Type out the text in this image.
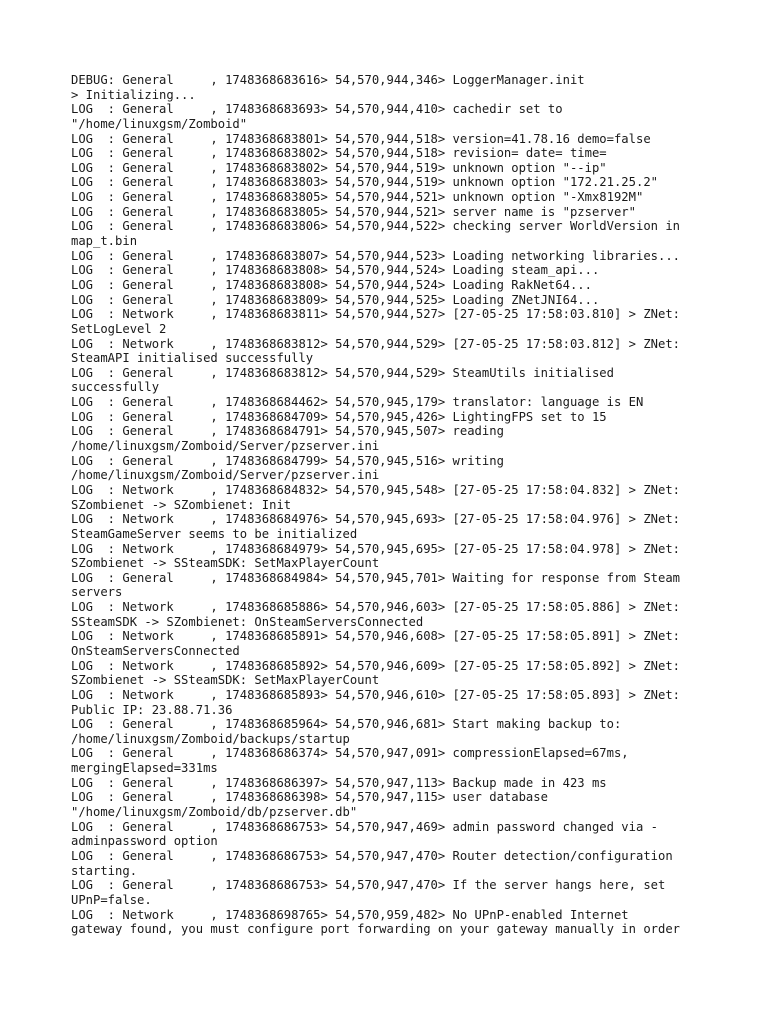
DEBUG: General     , 1748368683616> 54,570,944,346> LoggerManager.init
> Initializing...
LOG  : General     , 1748368683693> 54,570,944,410> cachedir set to
"/home/linuxgsm/Zomboid"
LOG  : General     , 1748368683801> 54,570,944,518> version=41.78.16 demo=false
LOG  : General     , 1748368683802> 54,570,944,518> revision= date= time=
LOG  : General     , 1748368683802> 54,570,944,519> unknown option "--ip"
LOG  : General     , 1748368683803> 54,570,944,519> unknown option "172.21.25.2"
LOG  : General     , 1748368683805> 54,570,944,521> unknown option "-Xmx8192M"
LOG  : General     , 1748368683805> 54,570,944,521> server name is "pzserver"
LOG  : General     , 1748368683806> 54,570,944,522> checking server WorldVersion in
map_t.bin
LOG  : General     , 1748368683807> 54,570,944,523> Loading networking libraries...
LOG  : General     , 1748368683808> 54,570,944,524> Loading steam_api...
LOG  : General     , 1748368683808> 54,570,944,524> Loading RakNet64...
LOG  : General     , 1748368683809> 54,570,944,525> Loading ZNetJNI64...
LOG  : Network     , 1748368683811> 54,570,944,527> [27-05-25 17:58:03.810] > ZNet:
SetLogLevel 2
LOG  : Network     , 1748368683812> 54,570,944,529> [27-05-25 17:58:03.812] > ZNet:
SteamAPI initialised successfully
LOG  : General     , 1748368683812> 54,570,944,529> SteamUtils initialised
successfully
LOG  : General     , 1748368684462> 54,570,945,179> translator: language is EN
LOG  : General     , 1748368684709> 54,570,945,426> LightingFPS set to 15
LOG  : General     , 1748368684791> 54,570,945,507> reading
/home/linuxgsm/Zomboid/Server/pzserver.ini
LOG  : General     , 1748368684799> 54,570,945,516> writing
/home/linuxgsm/Zomboid/Server/pzserver.ini
LOG  : Network     , 1748368684832> 54,570,945,548> [27-05-25 17:58:04.832] > ZNet:
SZombienet -> SZombienet: Init
LOG  : Network     , 1748368684976> 54,570,945,693> [27-05-25 17:58:04.976] > ZNet:
SteamGameServer seems to be initialized
LOG  : Network     , 1748368684979> 54,570,945,695> [27-05-25 17:58:04.978] > ZNet:
SZombienet -> SSteamSDK: SetMaxPlayerCount
LOG  : General     , 1748368684984> 54,570,945,701> Waiting for response from Steam
servers
LOG  : Network     , 1748368685886> 54,570,946,603> [27-05-25 17:58:05.886] > ZNet:
SSteamSDK -> SZombienet: OnSteamServersConnected
LOG  : Network     , 1748368685891> 54,570,946,608> [27-05-25 17:58:05.891] > ZNet:
OnSteamServersConnected
LOG  : Network     , 1748368685892> 54,570,946,609> [27-05-25 17:58:05.892] > ZNet:
SZombienet -> SSteamSDK: SetMaxPlayerCount
LOG  : Network     , 1748368685893> 54,570,946,610> [27-05-25 17:58:05.893] > ZNet:
Public IP: 23.88.71.36
LOG  : General     , 1748368685964> 54,570,946,681> Start making backup to:
/home/linuxgsm/Zomboid/backups/startup
LOG  : General     , 1748368686374> 54,570,947,091> compressionElapsed=67ms,
mergingElapsed=331ms
LOG  : General     , 1748368686397> 54,570,947,113> Backup made in 423 ms
LOG  : General     , 1748368686398> 54,570,947,115> user database
"/home/linuxgsm/Zomboid/db/pzserver.db"
LOG  : General     , 1748368686753> 54,570,947,469> admin password changed via -
adminpassword option
LOG  : General     , 1748368686753> 54,570,947,470> Router detection/configuration
starting.
LOG  : General     , 1748368686753> 54,570,947,470> If the server hangs here, set
UPnP=false.
LOG  : Network     , 1748368698765> 54,570,959,482> No UPnP-enabled Internet
gateway found, you must configure port forwarding on your gateway manually in order
